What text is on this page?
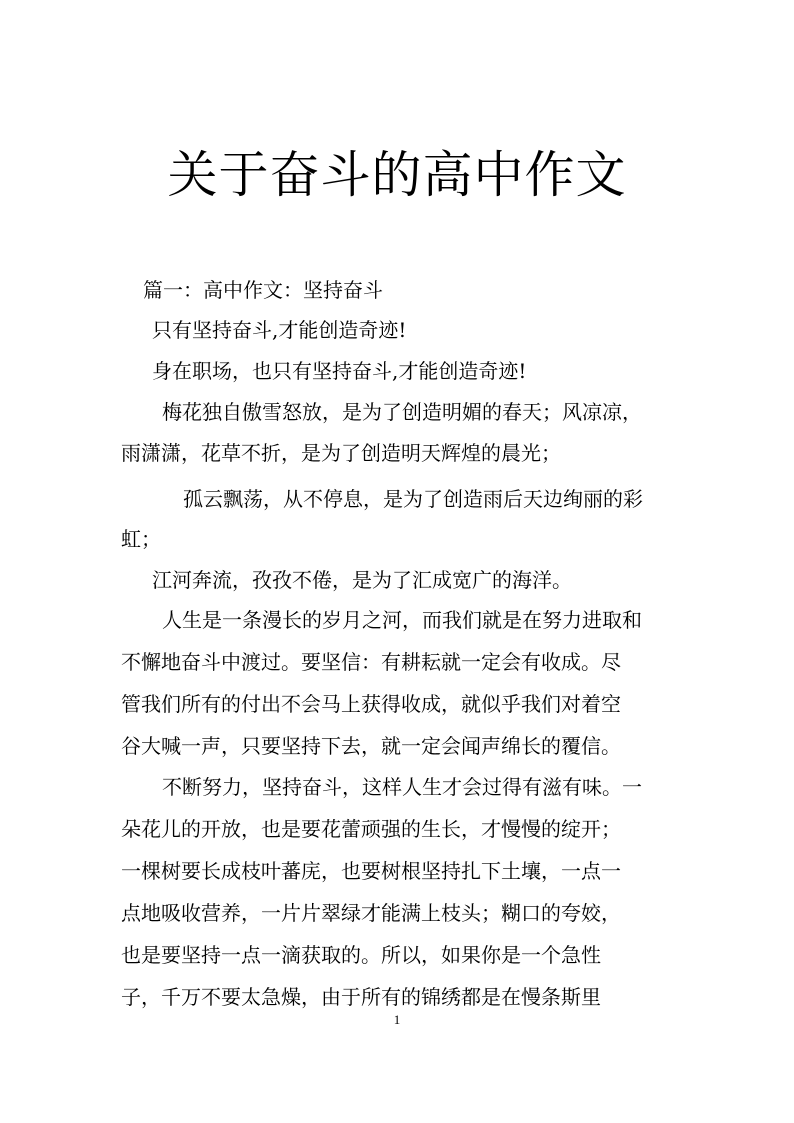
关于奋斗的高中作文

篇一：高中作文：坚持奋斗

只有坚持奋斗,才能创造奇迹!

身在职场，也只有坚持奋斗,才能创造奇迹!

梅花独自傲雪怒放，是为了创造明媚的春天；风凉凉，

雨潇潇，花草不折，是为了创造明天辉煌的晨光；

孤云飘荡，从不停息，是为了创造雨后天边绚丽的彩

虹；

江河奔流，孜孜不倦，是为了汇成宽广的海洋。

人生是一条漫长的岁月之河，而我们就是在努力进取和

不懈地奋斗中渡过。要坚信：有耕耘就一定会有收成。尽

管我们所有的付出不会马上获得收成，就似乎我们对着空

谷大喊一声，只要坚持下去，就一定会闻声绵长的覆信。

不断努力，坚持奋斗，这样人生才会过得有滋有味。一

朵花儿的开放，也是要花蕾顽强的生长，才慢慢的绽开；

一棵树要长成枝叶蕃庑，也要树根坚持扎下土壤，一点一

点地吸收营养，一片片翠绿才能满上枝头；糊口的夸姣，

也是要坚持一点一滴获取的。所以，如果你是一个急性

子，千万不要太急燥，由于所有的锦绣都是在慢条斯里

1
